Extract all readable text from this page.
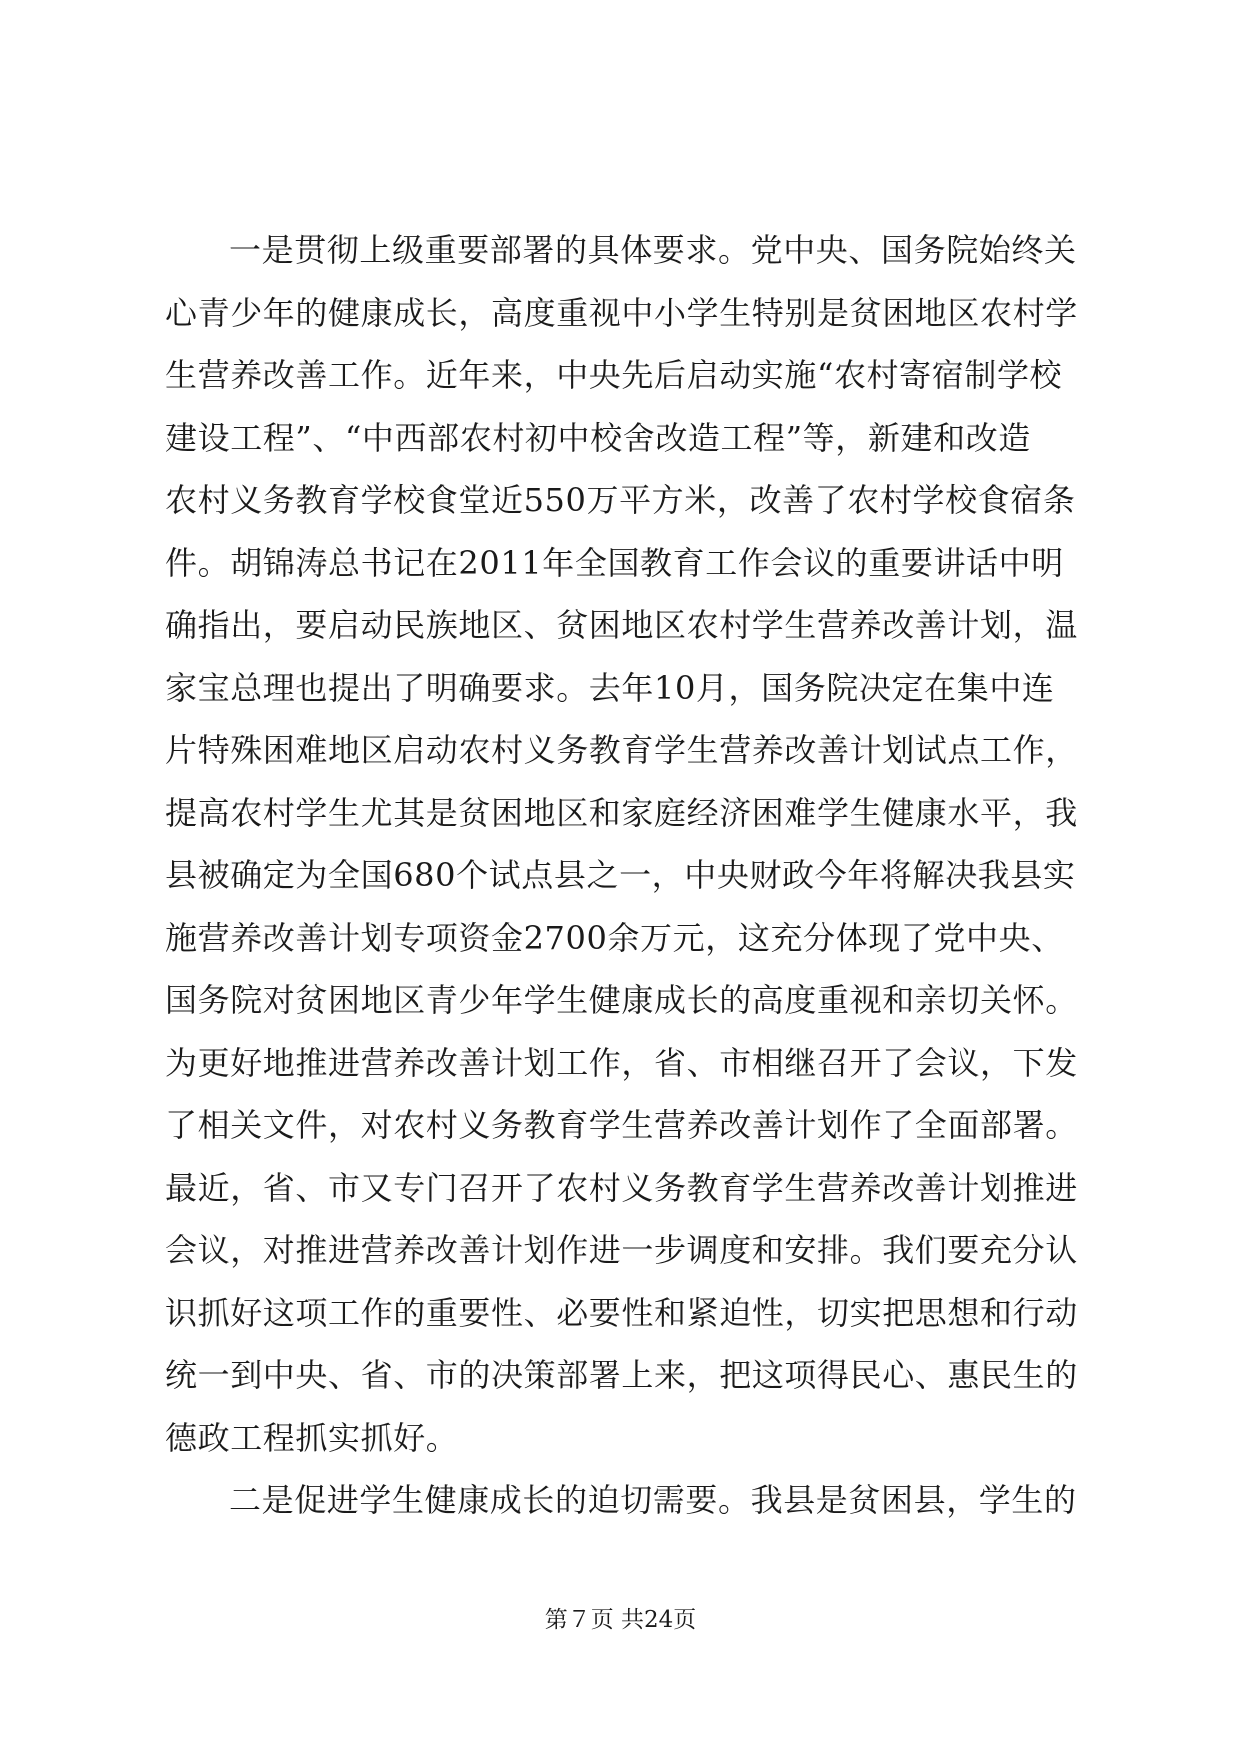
一是贯彻上级重要部署的具体要求。党中央、国务院始终关
心青少年的健康成长，高度重视中小学生特别是贫困地区农村学
生营养改善工作。近年来，中央先后启动实施“农村寄宿制学校
建设工程”、“中西部农村初中校舍改造工程”等，新建和改造
农村义务教育学校食堂近550万平方米，改善了农村学校食宿条
件。胡锦涛总书记在2011年全国教育工作会议的重要讲话中明
确指出，要启动民族地区、贫困地区农村学生营养改善计划，温
家宝总理也提出了明确要求。去年10月，国务院决定在集中连
片特殊困难地区启动农村义务教育学生营养改善计划试点工作，
提高农村学生尤其是贫困地区和家庭经济困难学生健康水平，我
县被确定为全国680个试点县之一，中央财政今年将解决我县实
施营养改善计划专项资金2700余万元，这充分体现了党中央、
国务院对贫困地区青少年学生健康成长的高度重视和亲切关怀。
为更好地推进营养改善计划工作，省、市相继召开了会议，下发
了相关文件，对农村义务教育学生营养改善计划作了全面部署。
最近，省、市又专门召开了农村义务教育学生营养改善计划推进
会议，对推进营养改善计划作进一步调度和安排。我们要充分认
识抓好这项工作的重要性、必要性和紧迫性，切实把思想和行动
统一到中央、省、市的决策部署上来，把这项得民心、惠民生的
德政工程抓实抓好。
二是促进学生健康成长的迫切需要。我县是贫困县，学生的
第７页 共24页
